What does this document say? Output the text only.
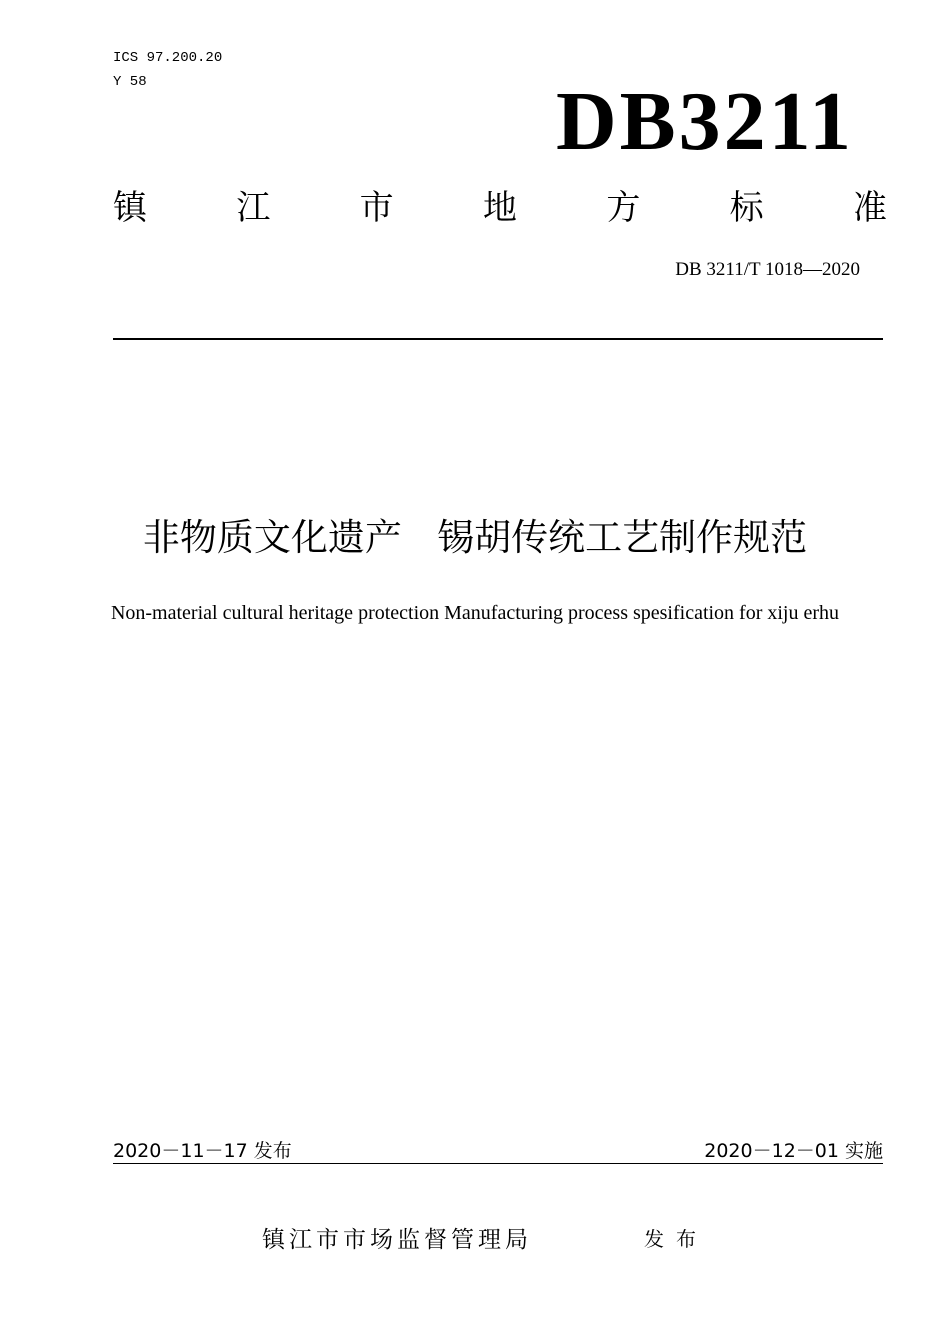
ICS 97.200.20
Y 58	DB3211
镇	江	市	地	方	标	准
DB 3211/T 1018—2020
非物质文化遗产   锡胡传统工艺制作规范
Non-material cultural heritage protection Manufacturing process spesification for xiju erhu
2020－11－17 发布	2020－12－01 实施
镇江市市场监督管理局	发布
